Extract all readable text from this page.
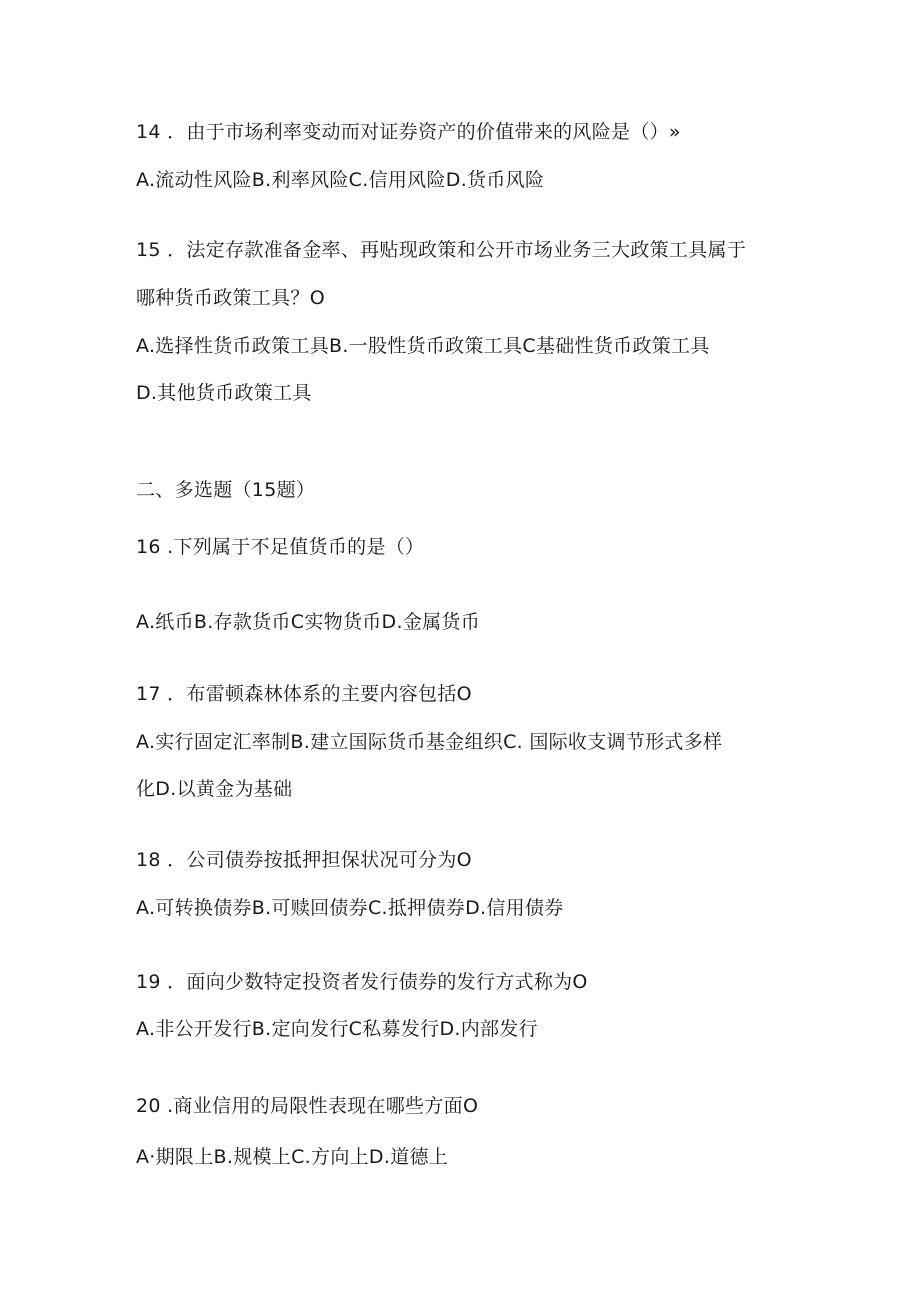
14 ．由于市场利率变动而对证券资产的价值带来的风险是（）»
A.流动性风险B.利率风险C.信用风险D.货币风险
15 ．法定存款准备金率、再贴现政策和公开市场业务三大政策工具属于
哪种货币政策工具？O
A.选择性货币政策工具B.一股性货币政策工具C基础性货币政策工具
D.其他货币政策工具
二、多选题（15题）
16 .下列属于不足值货币的是（）
A.纸币B.存款货币C实物货币D.金属货币
17 ．布雷顿森林体系的主要内容包括O
A.实行固定汇率制B.建立国际货币基金组织C. 国际收支调节形式多样
化D.以黄金为基础
18 ．公司债券按抵押担保状况可分为O
A.可转换债券B.可赎回债券C.抵押债券D.信用债券
19 ．面向少数特定投资者发行债券的发行方式称为O
A.非公开发行B.定向发行C私募发行D.内部发行
20 .商业信用的局限性表现在哪些方面O
A·期限上B.规模上C.方向上D.道德上
